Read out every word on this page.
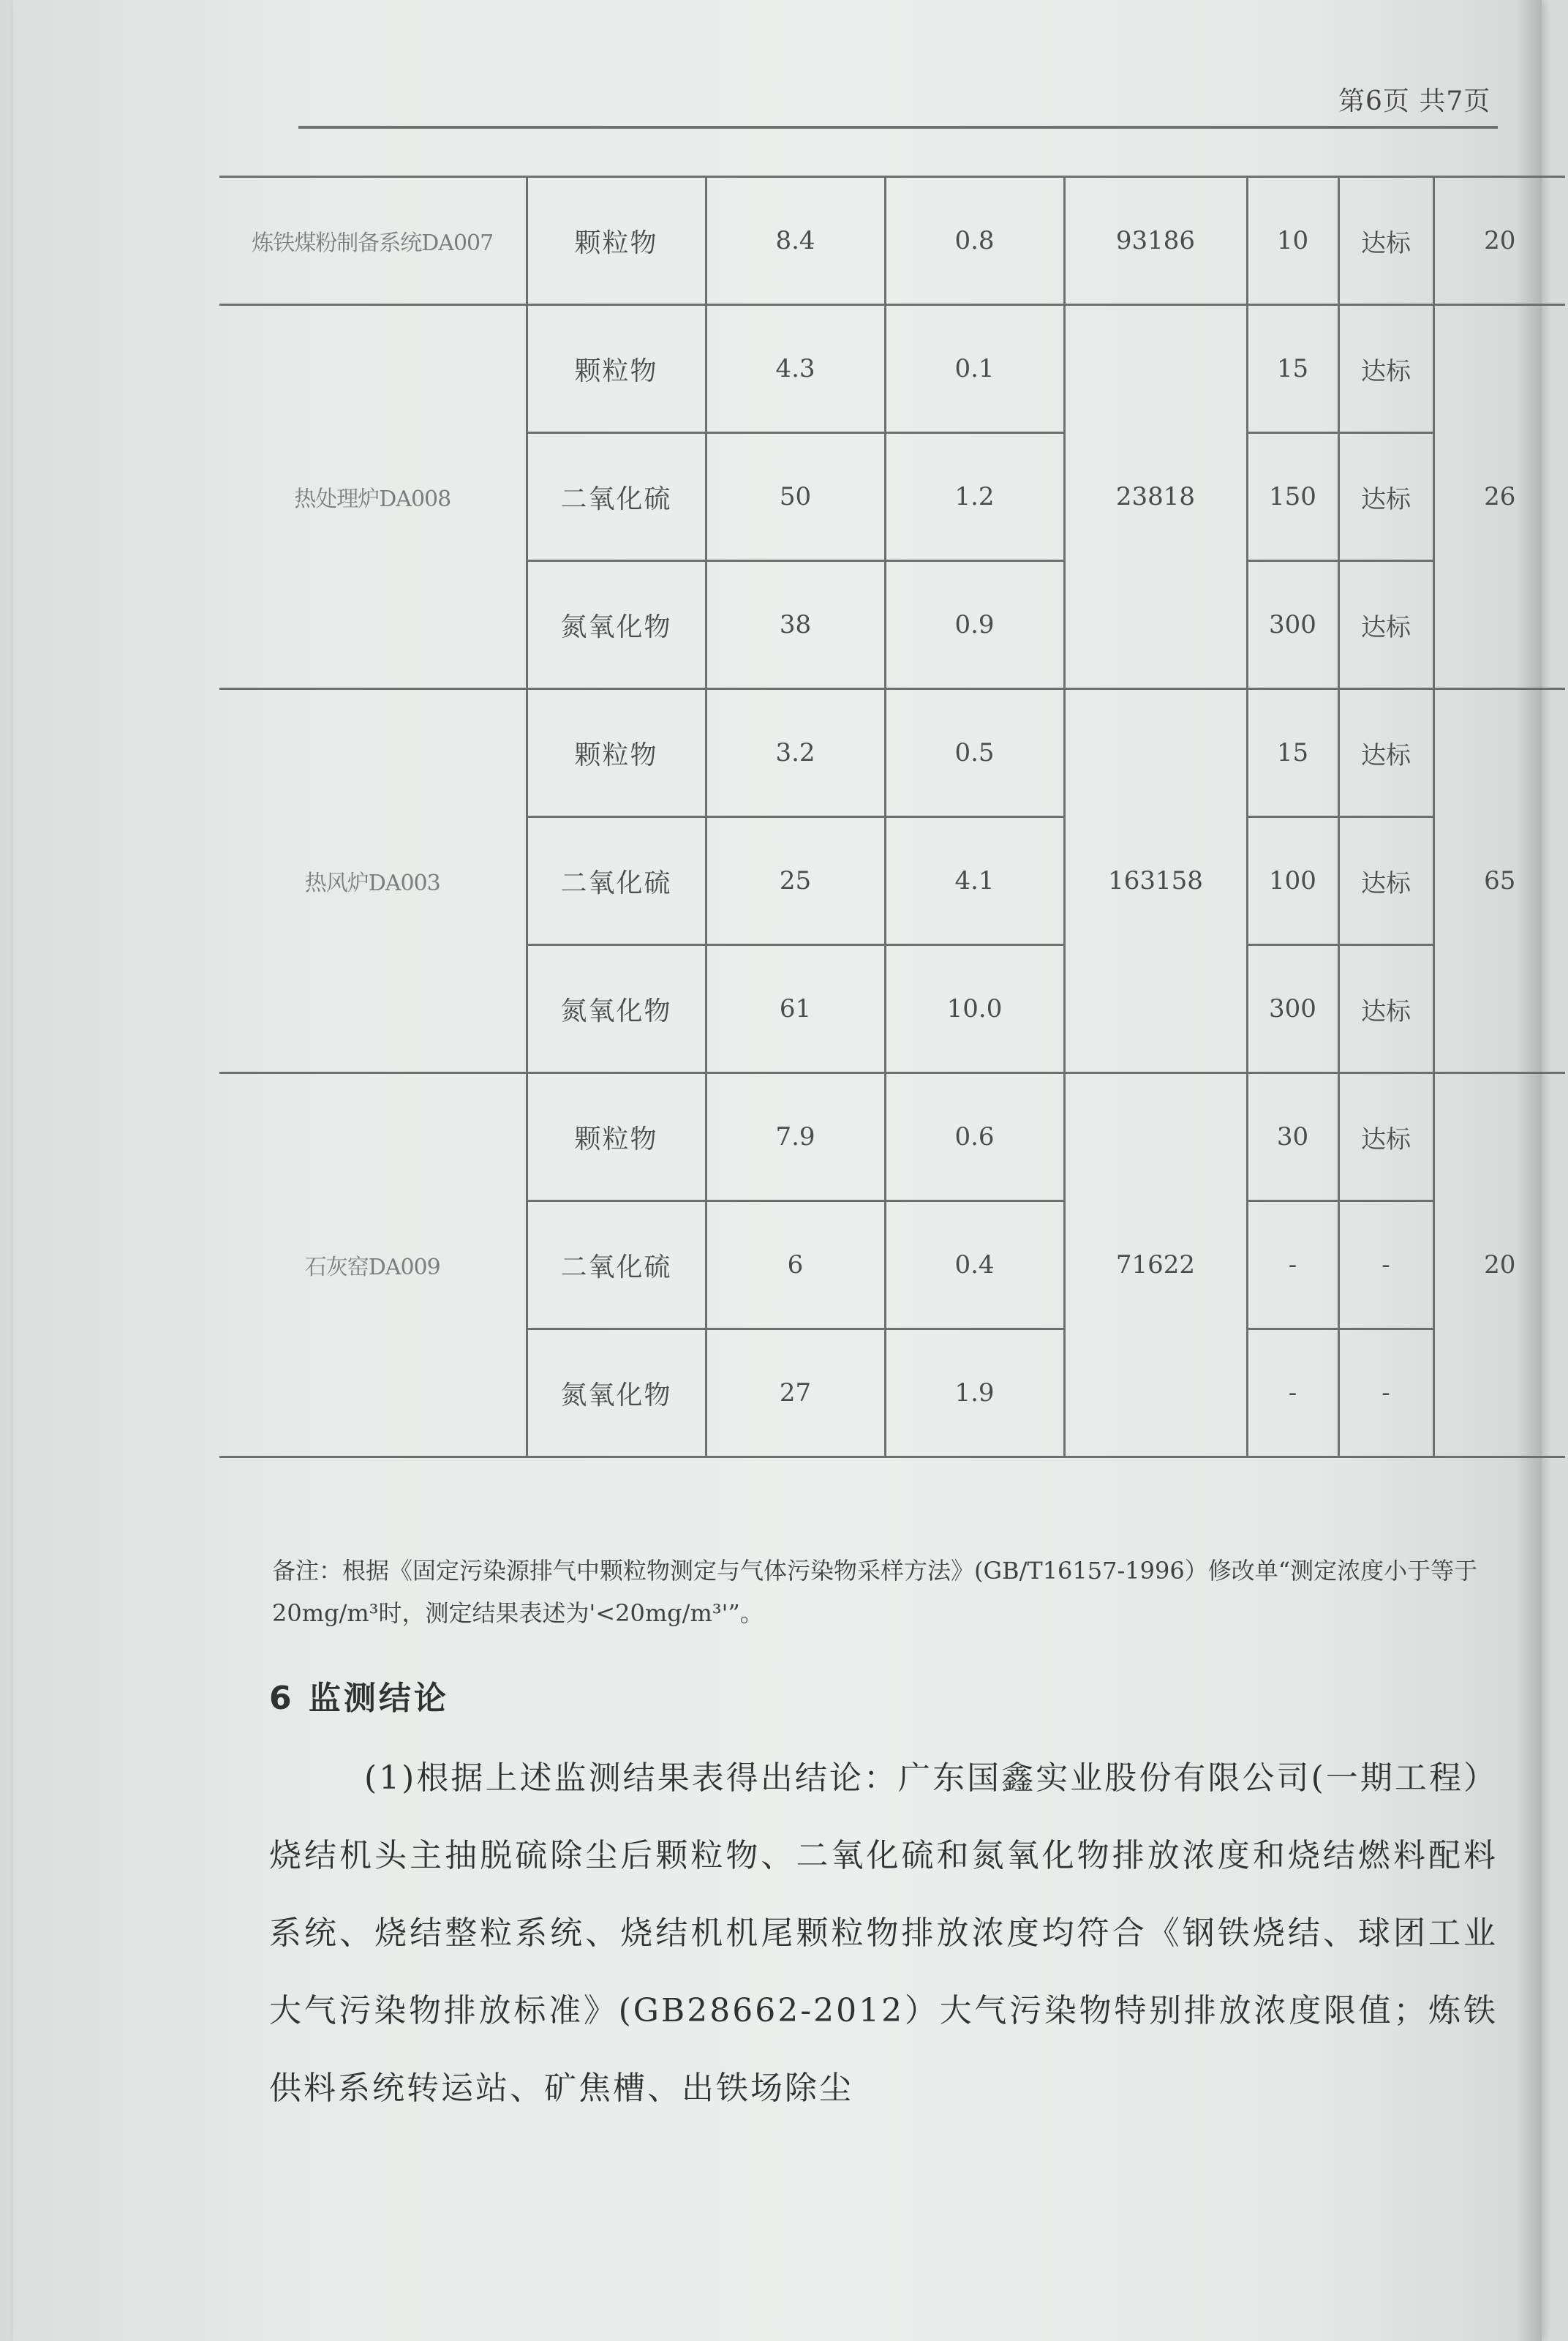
第6页 共7页
炼铁煤粉制备系统DA007	颗粒物	8.4	0.8	93186	10	达标	20
热处理炉DA008	颗粒物	4.3	0.1	23818	15	达标	26
	二氧化硫	50	1.2		150	达标	
	氮氧化物	38	0.9		300	达标	
热风炉DA003	颗粒物	3.2	0.5	163158	15	达标	65
	二氧化硫	25	4.1		100	达标	
	氮氧化物	61	10.0		300	达标	
石灰窑DA009	颗粒物	7.9	0.6	71622	30	达标	20
	二氧化硫	6	0.4		-	-	
	氮氧化物	27	1.9		-	-	
备注：根据《固定污染源排气中颗粒物测定与气体污染物采样方法》(GB/T16157-1996）修改单“测定浓度小于等于20mg/m³时，测定结果表述为'<20mg/m³'”。
6 监测结论
(1)根据上述监测结果表得出结论：广东国鑫实业股份有限公司(一期工程）烧结机头主抽脱硫除尘后颗粒物、二氧化硫和氮氧化物排放浓度和烧结燃料配料系统、烧结整粒系统、烧结机机尾颗粒物排放浓度均符合《钢铁烧结、球团工业大气污染物排放标准》(GB28662-2012）大气污染物特别排放浓度限值；炼铁供料系统转运站、矿焦槽、出铁场除尘
